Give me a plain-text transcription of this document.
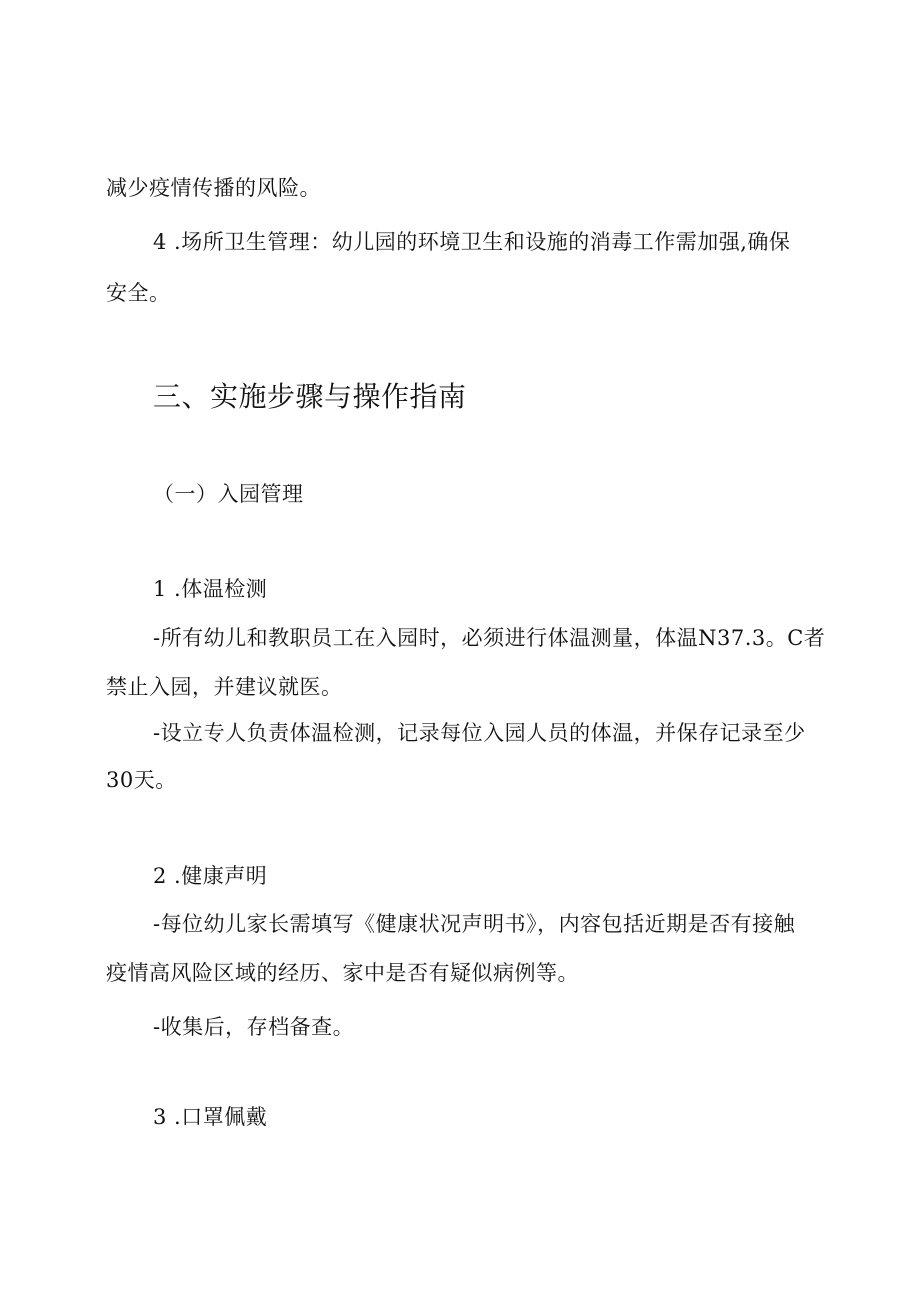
减少疫情传播的风险。
4 .场所卫生管理：幼儿园的环境卫生和设施的消毒工作需加强,确保
安全。
三、实施步骤与操作指南
（一）入园管理
1 .体温检测
-所有幼儿和教职员工在入园时，必须进行体温测量，体温N37.3。C者
禁止入园，并建议就医。
-设立专人负责体温检测，记录每位入园人员的体温，并保存记录至少
30天。
2 .健康声明
-每位幼儿家长需填写《健康状况声明书》，内容包括近期是否有接触
疫情高风险区域的经历、家中是否有疑似病例等。
-收集后，存档备查。
3 .口罩佩戴
